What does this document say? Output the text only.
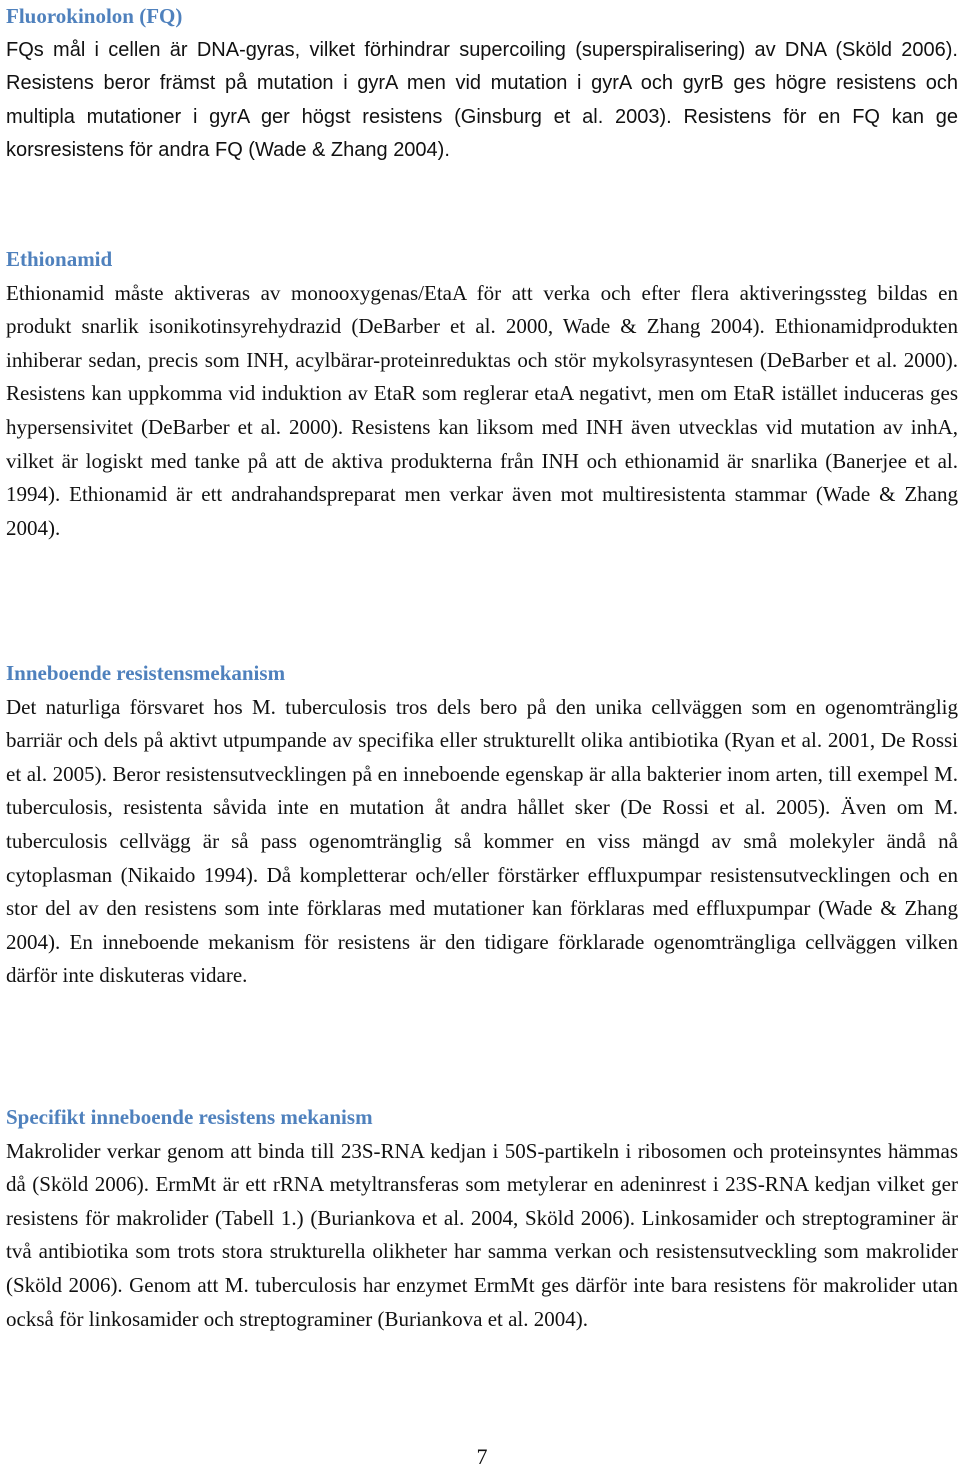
Fluorokinolon (FQ)

FQs mål i cellen är DNA-gyras, vilket förhindrar supercoiling (superspiralisering) av DNA (Sköld 2006). Resistens beror främst på mutation i gyrA men vid mutation i gyrA och gyrB ges högre resistens och multipla mutationer i gyrA ger högst resistens (Ginsburg et al. 2003). Resistens för en FQ kan ge korsresistens för andra FQ (Wade & Zhang 2004).

Ethionamid

Ethionamid måste aktiveras av monooxygenas/EtaA för att verka och efter flera aktiveringssteg bildas en produkt snarlik isonikotinsyrehydrazid (DeBarber et al. 2000, Wade & Zhang 2004). Ethionamidprodukten inhiberar sedan, precis som INH, acylbärar-proteinreduktas och stör mykolsyrasyntesen (DeBarber et al. 2000). Resistens kan uppkomma vid induktion av EtaR som reglerar etaA negativt, men om EtaR istället induceras ges hypersensivitet (DeBarber et al. 2000). Resistens kan liksom med INH även utvecklas vid mutation av inhA, vilket är logiskt med tanke på att de aktiva produkterna från INH och ethionamid är snarlika (Banerjee et al. 1994). Ethionamid är ett andrahandspreparat men verkar även mot multiresistenta stammar (Wade & Zhang 2004).

Inneboende resistensmekanism

Det naturliga försvaret hos M. tuberculosis tros dels bero på den unika cellväggen som en ogenomtränglig barriär och dels på aktivt utpumpande av specifika eller strukturellt olika antibiotika (Ryan et al. 2001, De Rossi et al. 2005). Beror resistensutvecklingen på en inneboende egenskap är alla bakterier inom arten, till exempel M. tuberculosis, resistenta såvida inte en mutation åt andra hållet sker (De Rossi et al. 2005). Även om M. tuberculosis cellvägg är så pass ogenomtränglig så kommer en viss mängd av små molekyler ändå nå cytoplasman (Nikaido 1994). Då kompletterar och/eller förstärker effluxpumpar resistensutvecklingen och en stor del av den resistens som inte förklaras med mutationer kan förklaras med effluxpumpar (Wade & Zhang 2004). En inneboende mekanism för resistens är den tidigare förklarade ogenomträngliga cellväggen vilken därför inte diskuteras vidare.

Specifikt inneboende resistens mekanism

Makrolider verkar genom att binda till 23S-RNA kedjan i 50S-partikeln i ribosomen och proteinsyntes hämmas då (Sköld 2006). ErmMt är ett rRNA metyltransferas som metylerar en adeninrest i 23S-RNA kedjan vilket ger resistens för makrolider (Tabell 1.) (Buriankova et al. 2004, Sköld 2006). Linkosamider och streptograminer är två antibiotika som trots stora strukturella olikheter har samma verkan och resistensutveckling som makrolider (Sköld 2006). Genom att M. tuberculosis har enzymet ErmMt ges därför inte bara resistens för makrolider utan också för linkosamider och streptograminer (Buriankova et al. 2004).

7
